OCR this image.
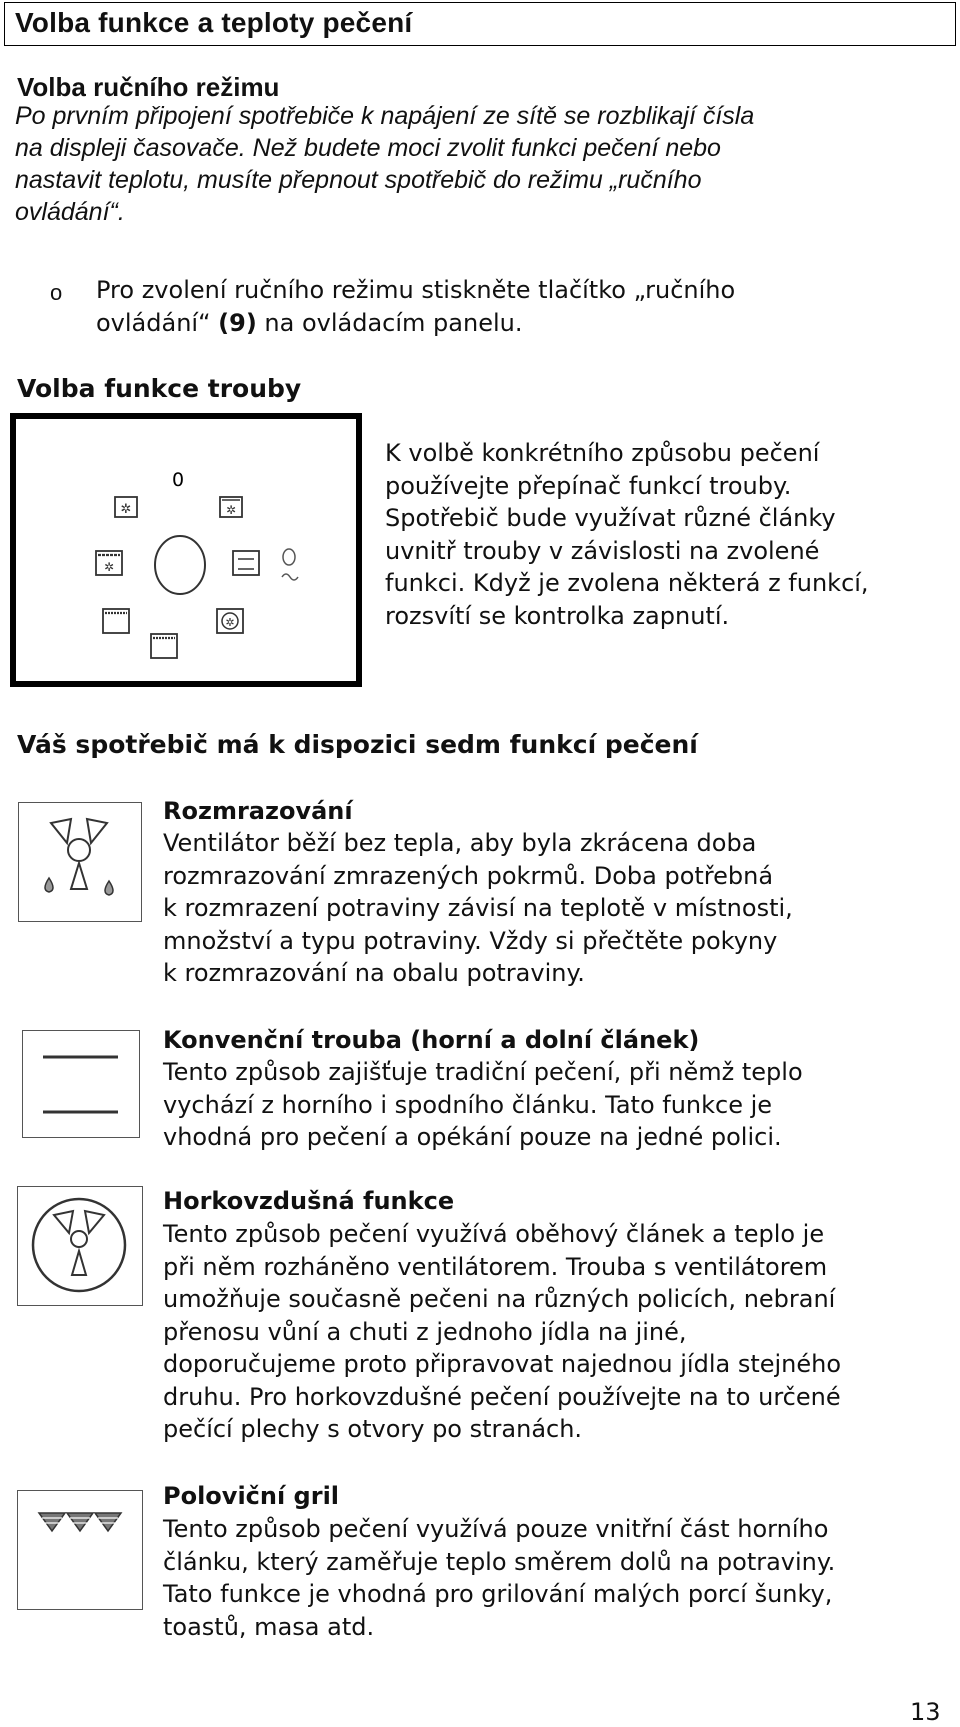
Volba funkce a teploty pečení
Volba ručního režimu
Po prvním připojení spotřebiče k napájení ze sítě se rozblikají čísla
na displeji časovače. Než budete moci zvolit funkci pečení nebo
nastavit teplotu, musíte přepnout spotřebič do režimu „ručního
ovládání“.
o Pro zvolení ručního režimu stiskněte tlačítko „ručního
ovládání“ (9) na ovládacím panelu.
Volba funkce trouby
0
✲	✲
✲
✲
K volbě konkrétního způsobu pečení
používejte přepínač funkcí trouby.
Spotřebič bude využívat různé články
uvnitř trouby v závislosti na zvolené
funkci. Když je zvolena některá z funkcí,
rozsvítí se kontrolka zapnutí.
Váš spotřebič má k dispozici sedm funkcí pečení
Rozmrazování
Ventilátor běží bez tepla, aby byla zkrácena doba
rozmrazování zmrazených pokrmů. Doba potřebná
k rozmrazení potraviny závisí na teplotě v místnosti,
množství a typu potraviny. Vždy si přečtěte pokyny
k rozmrazování na obalu potraviny.
Konvenční trouba (horní a dolní článek)
Tento způsob zajišťuje tradiční pečení, při němž teplo
vychází z horního i spodního článku. Tato funkce je
vhodná pro pečení a opékání pouze na jedné polici.
Horkovzdušná funkce
Tento způsob pečení využívá oběhový článek a teplo je
při něm rozháněno ventilátorem. Trouba s ventilátorem
umožňuje současně pečeni na různých policích, nebraní
přenosu vůní a chuti z jednoho jídla na jiné,
doporučujeme proto připravovat najednou jídla stejného
druhu. Pro horkovzdušné pečení používejte na to určené
pečící plechy s otvory po stranách.
Poloviční gril
Tento způsob pečení využívá pouze vnitřní část horního
článku, který zaměřuje teplo směrem dolů na potraviny.
Tato funkce je vhodná pro grilování malých porcí šunky,
toastů, masa atd.
13
